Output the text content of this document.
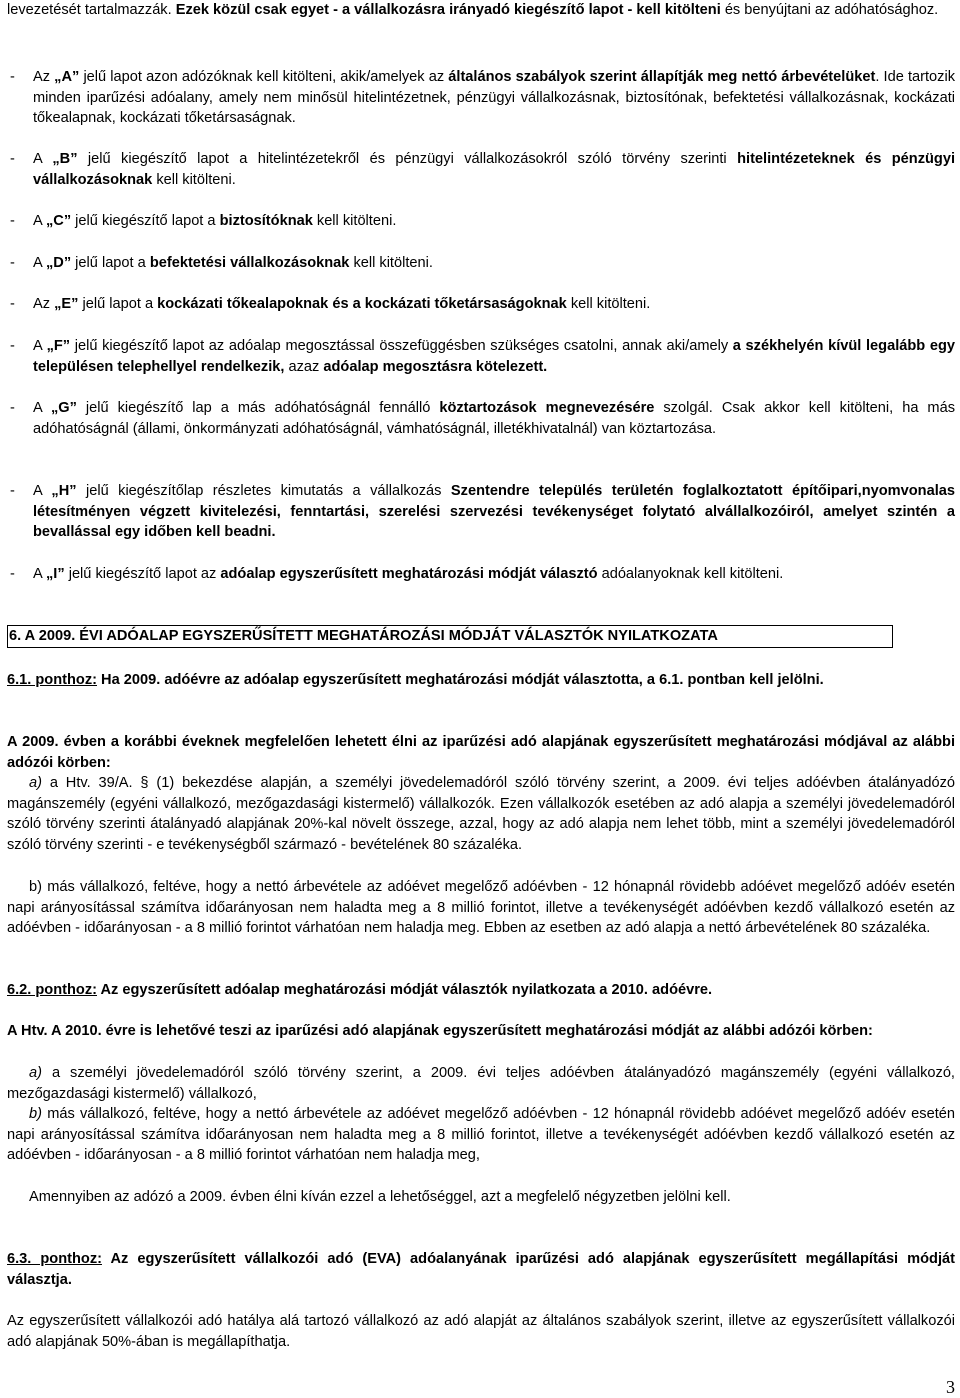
levezetését tartalmazzák. Ezek közül csak egyet - a vállalkozásra irányadó kiegészítő lapot - kell kitölteni és benyújtani az adóhatósághoz.

- Az „A” jelű lapot azon adózóknak kell kitölteni, akik/amelyek az általános szabályok szerint állapítják meg nettó árbevételüket. Ide tartozik minden iparűzési adóalany, amely nem minősül hitelintézetnek, pénzügyi vállalkozásnak, biztosítónak, befektetési vállalkozásnak, kockázati tőkealapnak, kockázati tőketársaságnak.

- A „B” jelű kiegészítő lapot a hitelintézetekről és pénzügyi vállalkozásokról szóló törvény szerinti hitelintézeteknek és pénzügyi vállalkozásoknak kell kitölteni.

- A „C” jelű kiegészítő lapot a biztosítóknak kell kitölteni.

- A „D” jelű lapot a befektetési vállalkozásoknak kell kitölteni.

- Az „E” jelű lapot a kockázati tőkealapoknak és a kockázati tőketársaságoknak kell kitölteni.

- A „F” jelű kiegészítő lapot az adóalap megosztással összefüggésben szükséges csatolni, annak aki/amely a székhelyén kívül legalább egy településen telephellyel rendelkezik, azaz adóalap megosztásra kötelezett.

- A „G” jelű kiegészítő lap a más adóhatóságnál fennálló köztartozások megnevezésére szolgál. Csak akkor kell kitölteni, ha más adóhatóságnál (állami, önkormányzati adóhatóságnál, vámhatóságnál, illetékhivatalnál) van köztartozása.

- A „H” jelű kiegészítőlap részletes kimutatás a vállalkozás Szentendre település területén foglalkoztatott építőipari,nyomvonalas létesítményen végzett kivitelezési, fenntartási, szerelési szervezési tevékenységet folytató alvállalkozóiról, amelyet szintén a bevallással egy időben kell beadni.

- A „I” jelű kiegészítő lapot az adóalap egyszerűsített meghatározási módját választó adóalanyoknak kell kitölteni.

6. A 2009. ÉVI ADÓALAP EGYSZERŰSÍTETT MEGHATÁROZÁSI MÓDJÁT VÁLASZTÓK NYILATKOZATA

6.1. ponthoz: Ha 2009. adóévre az adóalap egyszerűsített meghatározási módját választotta, a 6.1. pontban kell jelölni.

A 2009. évben a korábbi éveknek megfelelően lehetett élni az iparűzési adó alapjának egyszerűsített meghatározási módjával az alábbi adózói körben:

a) a Htv. 39/A. § (1) bekezdése alapján, a személyi jövedelemadóról szóló törvény szerint, a 2009. évi teljes adóévben átalányadózó magánszemély (egyéni vállalkozó, mezőgazdasági kistermelő) vállalkozók. Ezen vállalkozók esetében az adó alapja a személyi jövedelemadóról szóló törvény szerinti átalányadó alapjának 20%-kal növelt összege, azzal, hogy az adó alapja nem lehet több, mint a személyi jövedelemadóról szóló törvény szerinti - e tevékenységből származó - bevételének 80 százaléka.

b) más vállalkozó, feltéve, hogy a nettó árbevétele az adóévet megelőző adóévben - 12 hónapnál rövidebb adóévet megelőző adóév esetén napi arányosítással számítva időarányosan nem haladta meg a 8 millió forintot, illetve a tevékenységét adóévben kezdő vállalkozó esetén az adóévben - időarányosan - a 8 millió forintot várhatóan nem haladja meg. Ebben az esetben az adó alapja a nettó árbevételének 80 százaléka.

6.2. ponthoz: Az egyszerűsített adóalap meghatározási módját választók nyilatkozata a 2010. adóévre.

A Htv. A 2010. évre is lehetővé teszi az iparűzési adó alapjának egyszerűsített meghatározási módját az alábbi adózói körben:

a) a személyi jövedelemadóról szóló törvény szerint, a 2009. évi teljes adóévben átalányadózó magánszemély (egyéni vállalkozó, mezőgazdasági kistermelő) vállalkozó,

b) más vállalkozó, feltéve, hogy a nettó árbevétele az adóévet megelőző adóévben - 12 hónapnál rövidebb adóévet megelőző adóév esetén napi arányosítással számítva időarányosan nem haladta meg a 8 millió forintot, illetve a tevékenységét adóévben kezdő vállalkozó esetén az adóévben - időarányosan - a 8 millió forintot várhatóan nem haladja meg,

Amennyiben az adózó a 2009. évben élni kíván ezzel a lehetőséggel, azt a megfelelő négyzetben jelölni kell.

6.3. ponthoz: Az egyszerűsített vállalkozói adó (EVA) adóalanyának iparűzési adó alapjának egyszerűsített megállapítási módját választja.

Az egyszerűsített vállalkozói adó hatálya alá tartozó vállalkozó az adó alapját az általános szabályok szerint, illetve az egyszerűsített vállalkozói adó alapjának 50%-ában is megállapíthatja.

3
